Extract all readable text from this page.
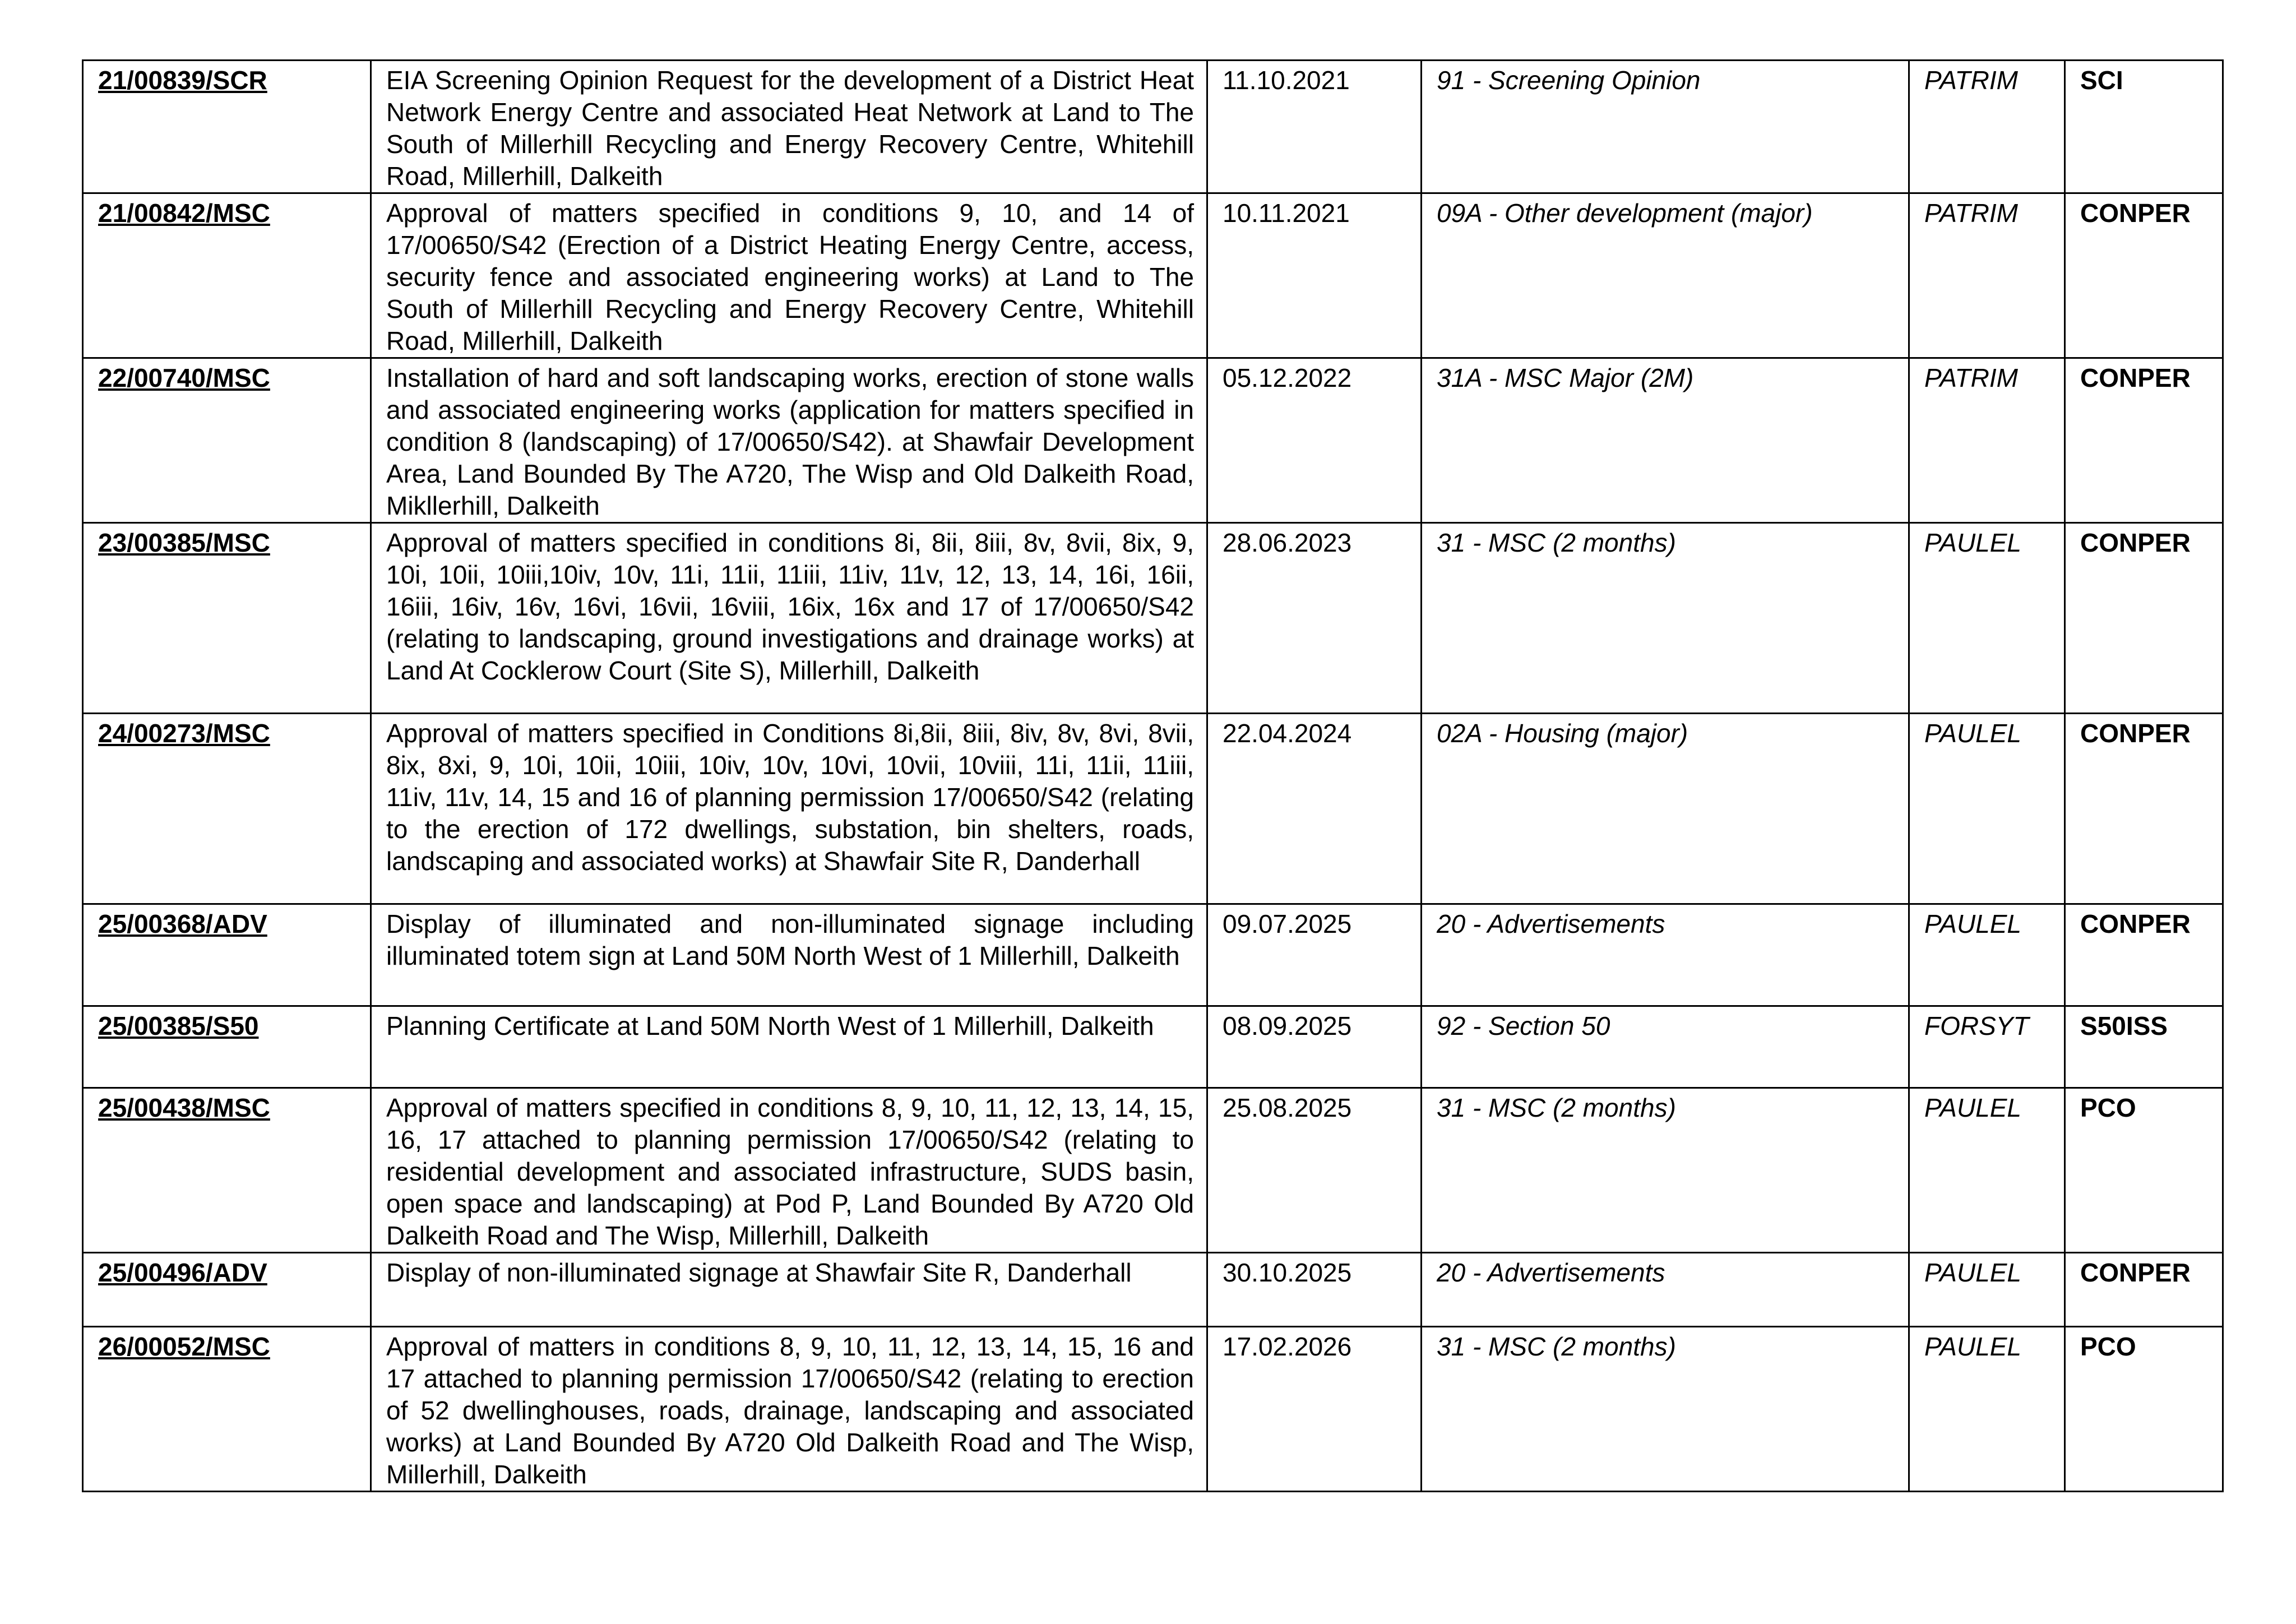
21/00839/SCR	EIA Screening Opinion Request for the development of a District Heat Network Energy Centre and associated Heat Network at Land to The South of Millerhill Recycling and Energy Recovery Centre, Whitehill Road, Millerhill, Dalkeith	11.10.2021	91 - Screening Opinion	PATRIM	SCI
21/00842/MSC	Approval of matters specified in conditions 9, 10, and 14 of 17/00650/S42 (Erection of a District Heating Energy Centre, access, security fence and associated engineering works) at Land to The South of Millerhill Recycling and Energy Recovery Centre, Whitehill Road, Millerhill, Dalkeith	10.11.2021	09A - Other development (major)	PATRIM	CONPER
22/00740/MSC	Installation of hard and soft landscaping works, erection of stone walls and associated engineering works (application for matters specified in condition 8 (landscaping) of 17/00650/S42). at Shawfair Development Area, Land Bounded By The A720, The Wisp and Old Dalkeith Road, Mikllerhill, Dalkeith	05.12.2022	31A - MSC Major (2M)	PATRIM	CONPER
23/00385/MSC	Approval of matters specified in conditions 8i, 8ii, 8iii, 8v, 8vii, 8ix, 9, 10i, 10ii, 10iii,10iv, 10v, 11i, 11ii, 11iii, 11iv, 11v, 12, 13, 14, 16i, 16ii, 16iii, 16iv, 16v, 16vi, 16vii, 16viii, 16ix, 16x and 17 of 17/00650/S42 (relating to landscaping, ground investigations and drainage works) at Land At Cocklerow Court (Site S), Millerhill, Dalkeith	28.06.2023	31 - MSC (2 months)	PAULEL	CONPER
24/00273/MSC	Approval of matters specified in Conditions 8i,8ii, 8iii, 8iv, 8v, 8vi, 8vii, 8ix, 8xi, 9, 10i, 10ii, 10iii, 10iv, 10v, 10vi, 10vii, 10viii, 11i, 11ii, 11iii, 11iv, 11v, 14, 15 and 16 of planning permission 17/00650/S42 (relating to the erection of 172 dwellings, substation, bin shelters, roads, landscaping and associated works) at Shawfair Site R, Danderhall	22.04.2024	02A - Housing (major)	PAULEL	CONPER
25/00368/ADV	Display of illuminated and non-illuminated signage including illuminated totem sign at Land 50M North West of 1 Millerhill, Dalkeith	09.07.2025	20 - Advertisements	PAULEL	CONPER
25/00385/S50	Planning Certificate at Land 50M North West of 1 Millerhill, Dalkeith	08.09.2025	92 - Section 50	FORSYT	S50ISS
25/00438/MSC	Approval of matters specified in conditions 8, 9, 10, 11, 12, 13, 14, 15, 16, 17 attached to planning permission 17/00650/S42 (relating to residential development and associated infrastructure, SUDS basin, open space and landscaping) at Pod P, Land Bounded By A720 Old Dalkeith Road and The Wisp, Millerhill, Dalkeith	25.08.2025	31 - MSC (2 months)	PAULEL	PCO
25/00496/ADV	Display of non-illuminated signage at Shawfair Site R, Danderhall	30.10.2025	20 - Advertisements	PAULEL	CONPER
26/00052/MSC	Approval of matters in conditions 8, 9, 10, 11, 12, 13, 14, 15, 16 and 17 attached to planning permission 17/00650/S42 (relating to erection of 52 dwellinghouses, roads, drainage, landscaping and associated works) at Land Bounded By A720 Old Dalkeith Road and The Wisp, Millerhill, Dalkeith	17.02.2026	31 - MSC (2 months)	PAULEL	PCO
